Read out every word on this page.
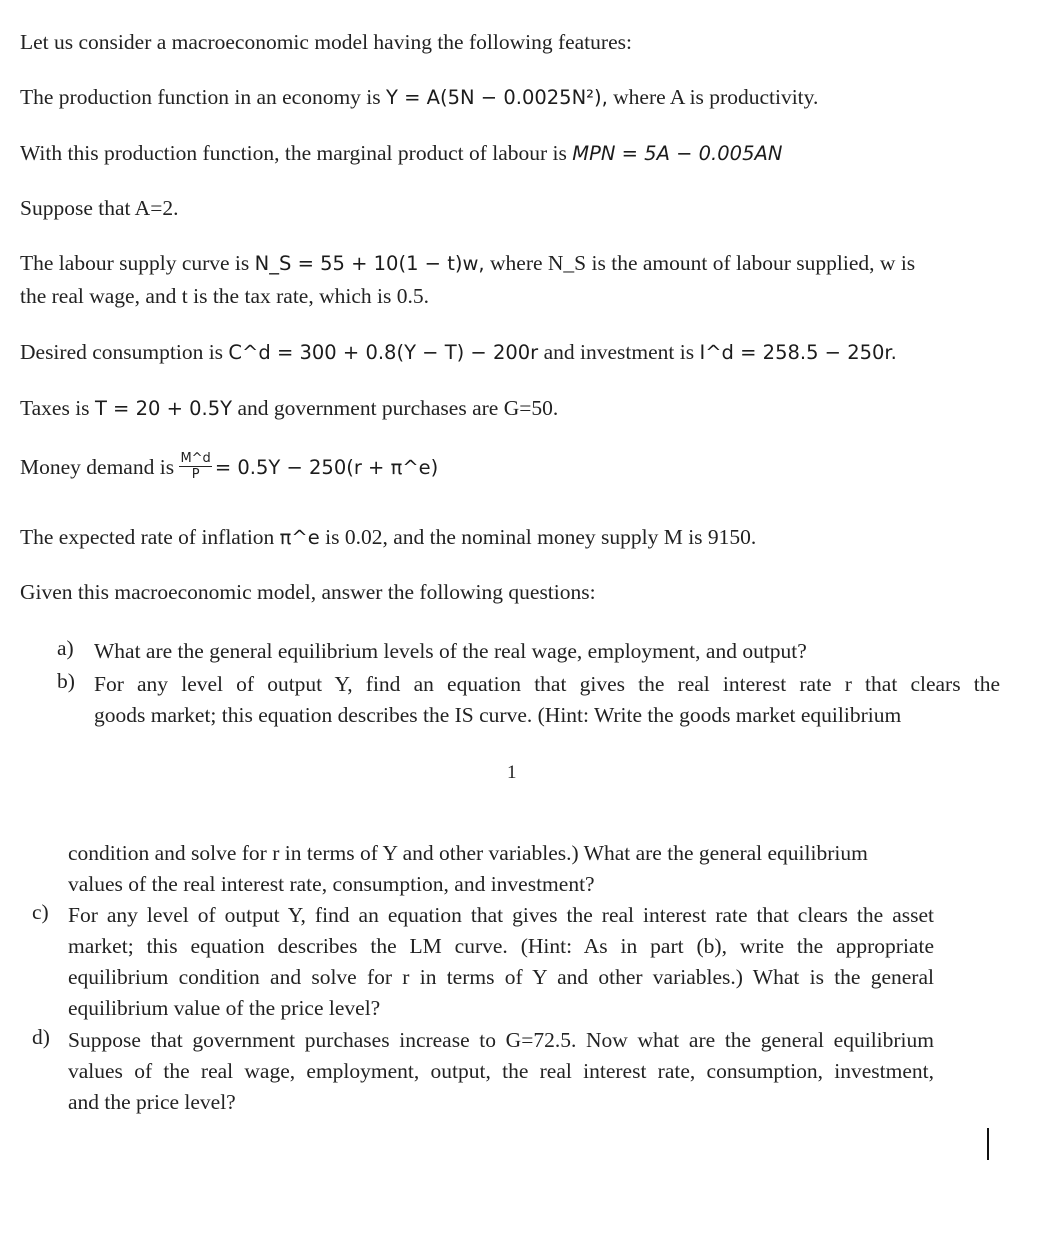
Let us consider a macroeconomic model having the following features:
The production function in an economy is Y = A(5N − 0.0025N²), where A is productivity.
With this production function, the marginal product of labour is MPN = 5A − 0.005AN
Suppose that A=2.
The labour supply curve is N_S = 55 + 10(1 − t)w, where N_S is the amount of labour supplied, w is
the real wage, and t is the tax rate, which is 0.5.
Desired consumption is C^d = 300 + 0.8(Y − T) − 200r and investment is I^d = 258.5 − 250r.
Taxes is T = 20 + 0.5Y and government purchases are G=50.
Money demand is $\frac{M\^{}d}{P} = 0.5Y - 250(r$ + π^e)
The expected rate of inflation π^e is 0.02, and the nominal money supply M is 9150.
Given this macroeconomic model, answer the following questions:
a) What are the general equilibrium levels of the real wage, employment, and output?
b) For any level of output Y, find an equation that gives the real interest rate r that clears the
goods market; this equation describes the IS curve. (Hint: Write the goods market equilibrium
1
condition and solve for r in terms of Y and other variables.) What are the general equilibrium
values of the real interest rate, consumption, and investment?
c) For any level of output Y, find an equation that gives the real interest rate that clears the asset
market; this equation describes the LM curve. (Hint: As in part (b), write the appropriate
equilibrium condition and solve for r in terms of Y and other variables.) What is the general
equilibrium value of the price level?
d) Suppose that government purchases increase to G=72.5. Now what are the general equilibrium
values of the real wage, employment, output, the real interest rate, consumption, investment,
and the price level?
